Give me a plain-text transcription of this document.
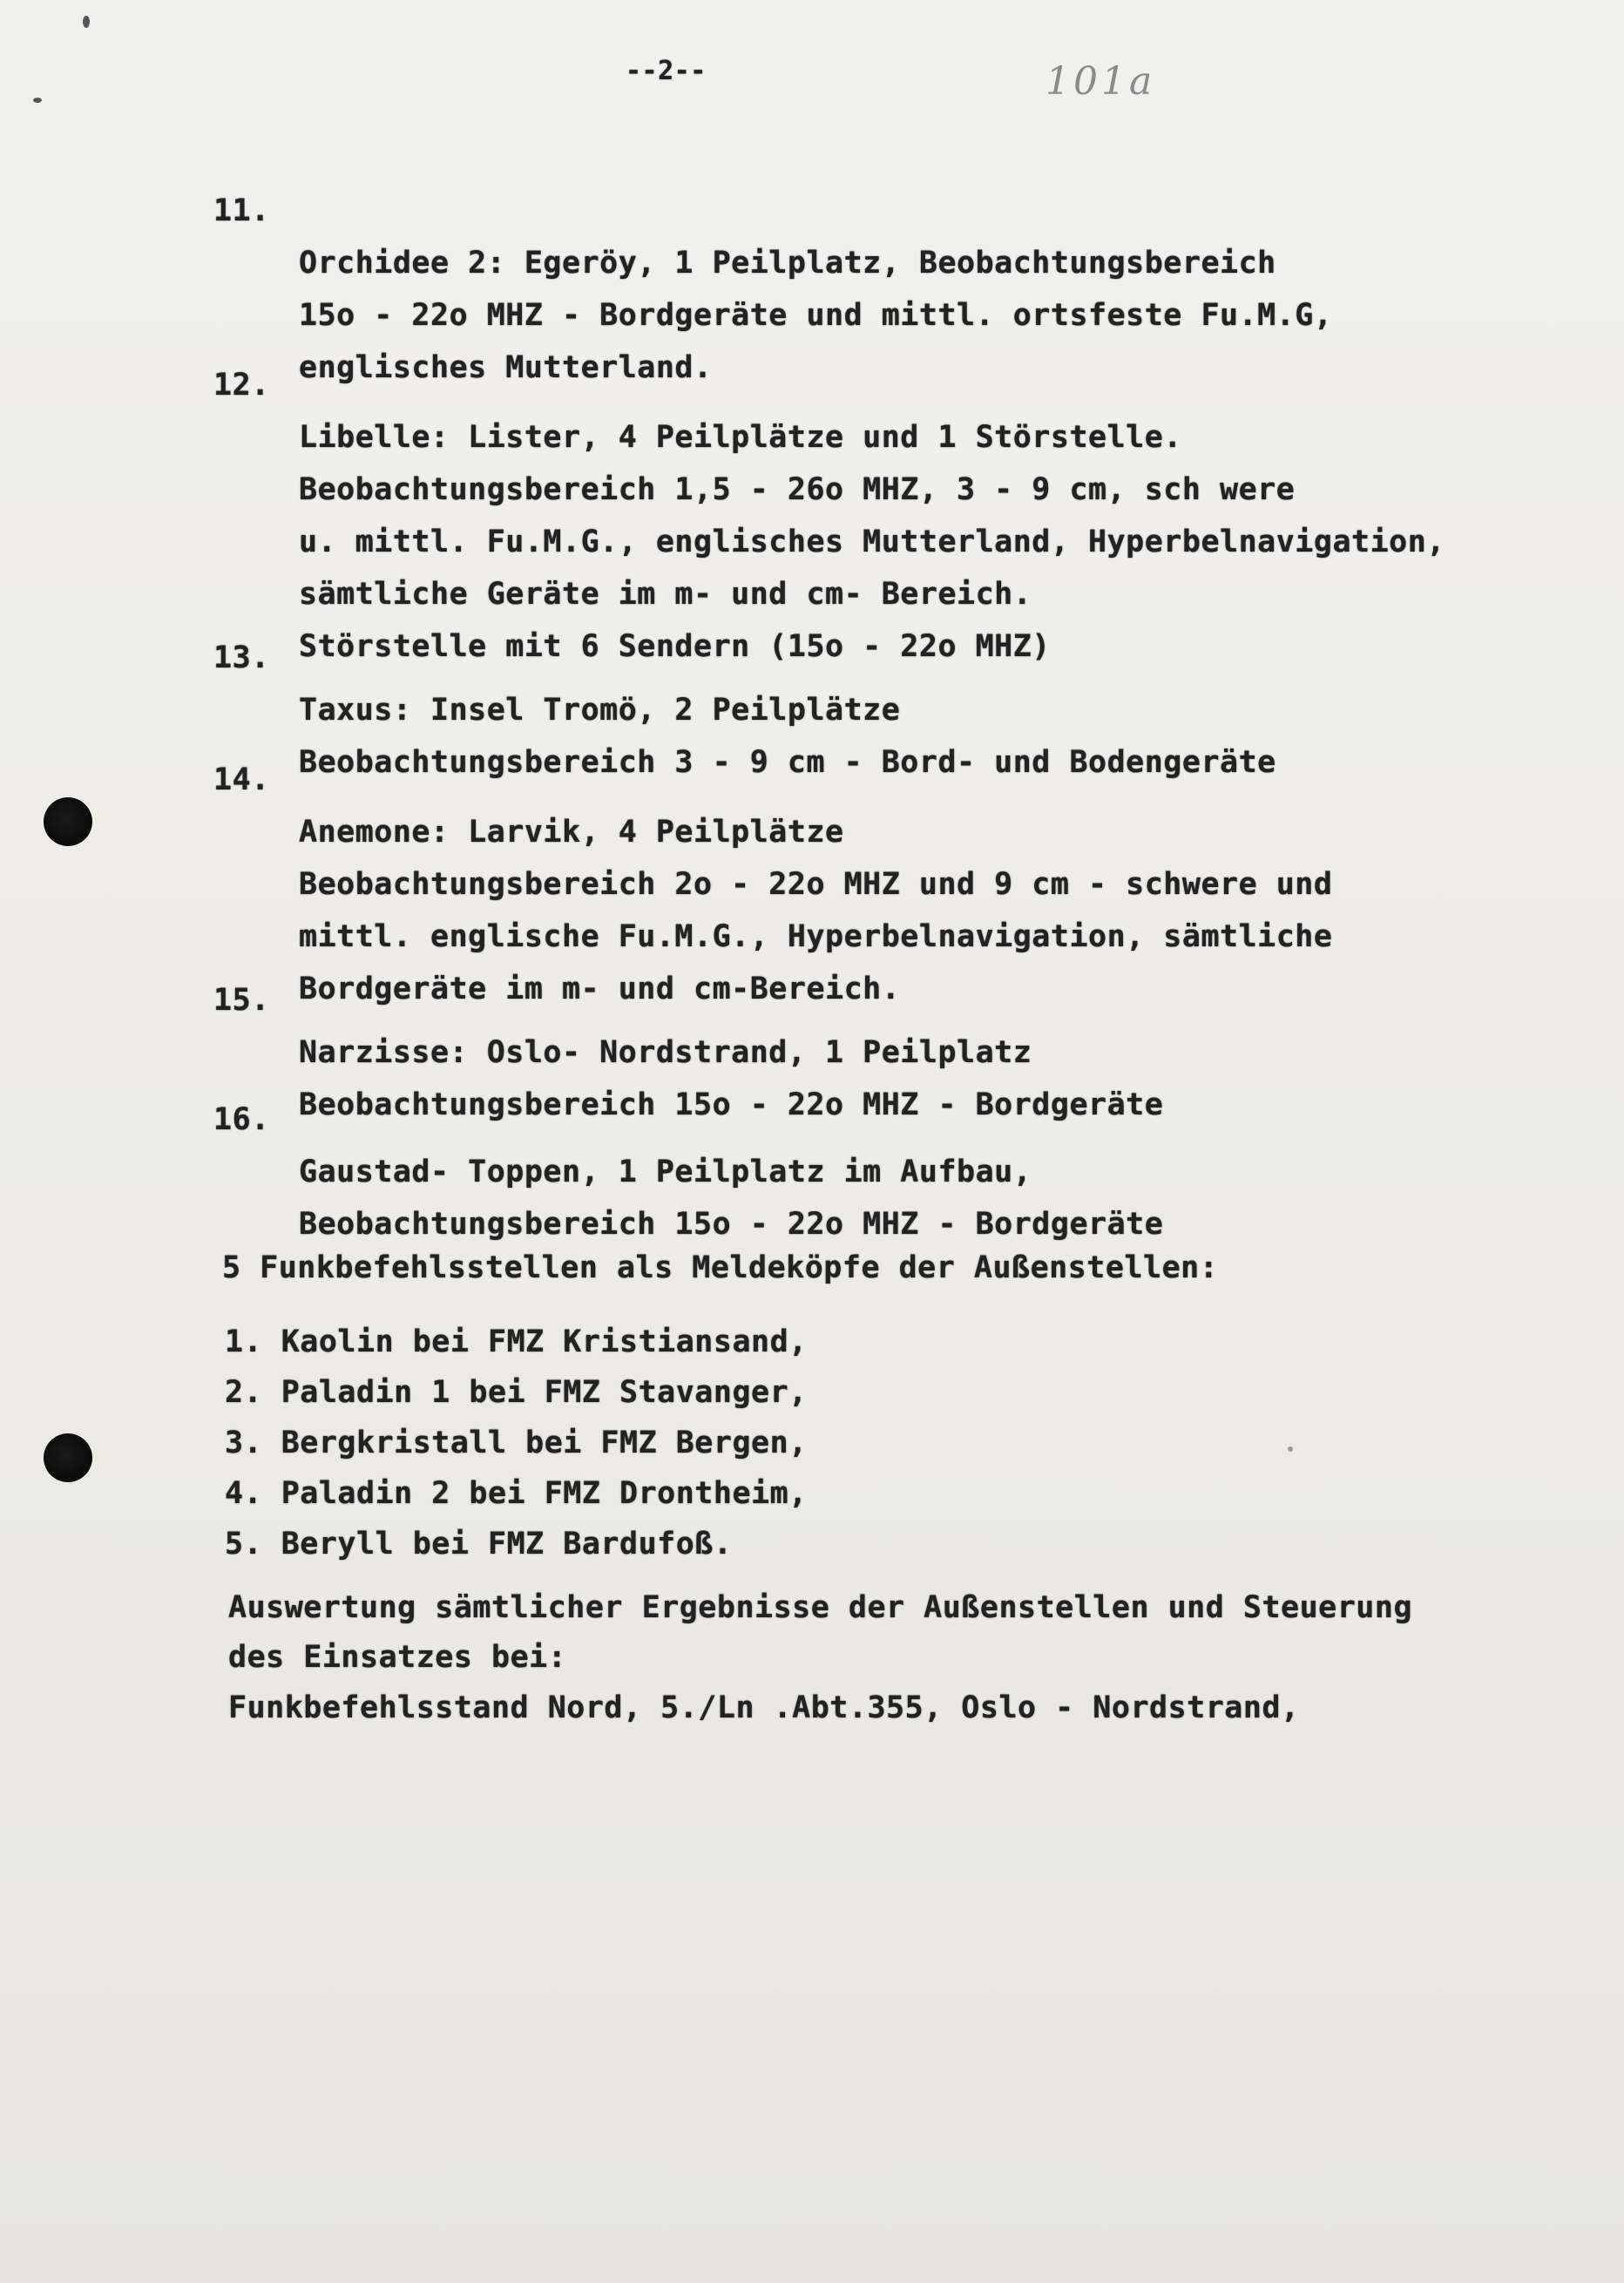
--2--	101a
11.
Orchidee 2: Egeröy, 1 Peilplatz, Beobachtungsbereich
15o - 22o MHZ - Bordgeräte und mittl. ortsfeste Fu.M.G,
englisches Mutterland.
12.
Libelle: Lister, 4 Peilplätze und 1 Störstelle.
Beobachtungsbereich 1,5 - 26o MHZ, 3 - 9 cm, sch were
u. mittl. Fu.M.G., englisches Mutterland, Hyperbelnavigation,
sämtliche Geräte im m- und cm- Bereich.
Störstelle mit 6 Sendern (15o - 22o MHZ)
13.
Taxus: Insel Tromö, 2 Peilplätze
Beobachtungsbereich 3 - 9 cm - Bord- und Bodengeräte
14.
Anemone: Larvik, 4 Peilplätze
Beobachtungsbereich 2o - 22o MHZ und 9 cm - schwere und
mittl. englische Fu.M.G., Hyperbelnavigation, sämtliche
Bordgeräte im m- und cm-Bereich.
15.
Narzisse: Oslo- Nordstrand, 1 Peilplatz
Beobachtungsbereich 15o - 22o MHZ - Bordgeräte
16.
Gaustad- Toppen, 1 Peilplatz im Aufbau,
Beobachtungsbereich 15o - 22o MHZ - Bordgeräte
5 Funkbefehlsstellen als Meldeköpfe der Außenstellen:
1. Kaolin bei FMZ Kristiansand,
2. Paladin 1 bei FMZ Stavanger,
3. Bergkristall bei FMZ Bergen,
4. Paladin 2 bei FMZ Drontheim,
5. Beryll bei FMZ Bardufoß.
Auswertung sämtlicher Ergebnisse der Außenstellen und Steuerung
des Einsatzes bei:
Funkbefehlsstand Nord, 5./Ln .Abt.355, Oslo - Nordstrand,
